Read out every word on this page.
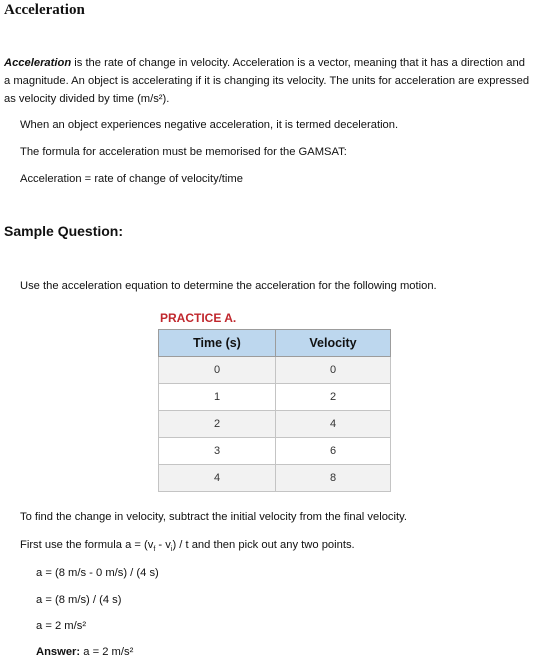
Acceleration
Acceleration is the rate of change in velocity. Acceleration is a vector, meaning that it has a direction and a magnitude. An object is accelerating if it is changing its velocity. The units for acceleration are expressed as velocity divided by time (m/s²).
When an object experiences negative acceleration, it is termed deceleration.
The formula for acceleration must be memorised for the GAMSAT:
Acceleration = rate of change of velocity/time
Sample Question:
Use the acceleration equation to determine the acceleration for the following motion.
PRACTICE A.
Time (s)	Velocity
0	0
1	2
2	4
3	6
4	8
To find the change in velocity, subtract the initial velocity from the final velocity.
First use the formula $a = (v_f - v_i) / t$ and then pick out any two points.
a = (8 m/s - 0 m/s) / (4 s)
a = (8 m/s) / (4 s)
a = 2 m/s²
Answer: a = 2 m/s²
